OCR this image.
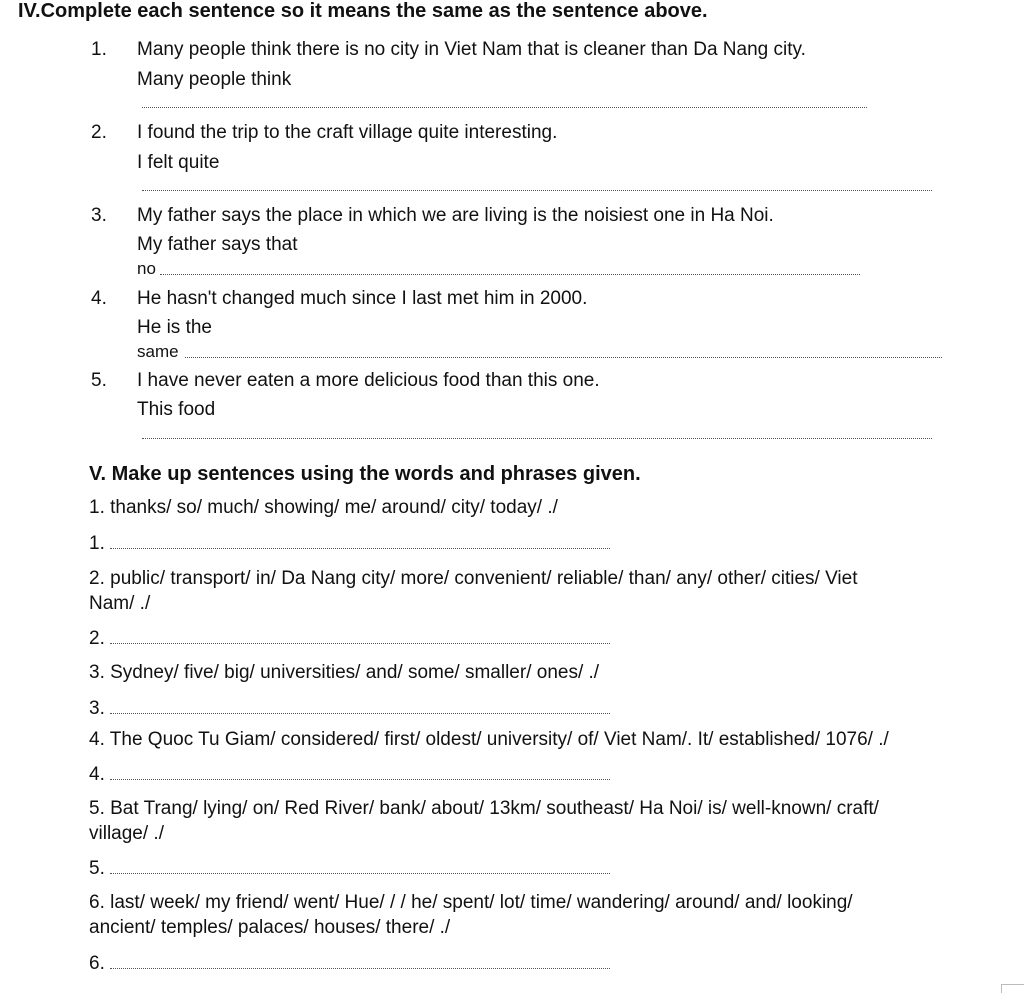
IV.Complete each sentence so it means the same as the sentence above.
1. Many people think there is no city in Viet Nam that is cleaner than Da Nang city.
Many people think
2. I found the trip to the craft village quite interesting.
I felt quite
3. My father says the place in which we are living is the noisiest one in Ha Noi.
My father says that
no
4. He hasn't changed much since I last met him in 2000.
He is the
same
5. I have never eaten a more delicious food than this one.
This food
V. Make up sentences using the words and phrases given.
1. thanks/ so/ much/ showing/ me/ around/ city/ today/ ./
1.
2. public/ transport/ in/ Da Nang city/ more/ convenient/ reliable/ than/ any/ other/ cities/ Viet
Nam/ ./
2.
3. Sydney/ five/ big/ universities/ and/ some/ smaller/ ones/ ./
3.
4. The Quoc Tu Giam/ considered/ first/ oldest/ university/ of/ Viet Nam/. It/ established/ 1076/ ./
4.
5. Bat Trang/ lying/ on/ Red River/ bank/ about/ 13km/ southeast/ Ha Noi/ is/ well-known/ craft/
village/ ./
5.
6. last/ week/ my friend/ went/ Hue/ / / he/ spent/ lot/ time/ wandering/ around/ and/ looking/
ancient/ temples/ palaces/ houses/ there/ ./
6.
